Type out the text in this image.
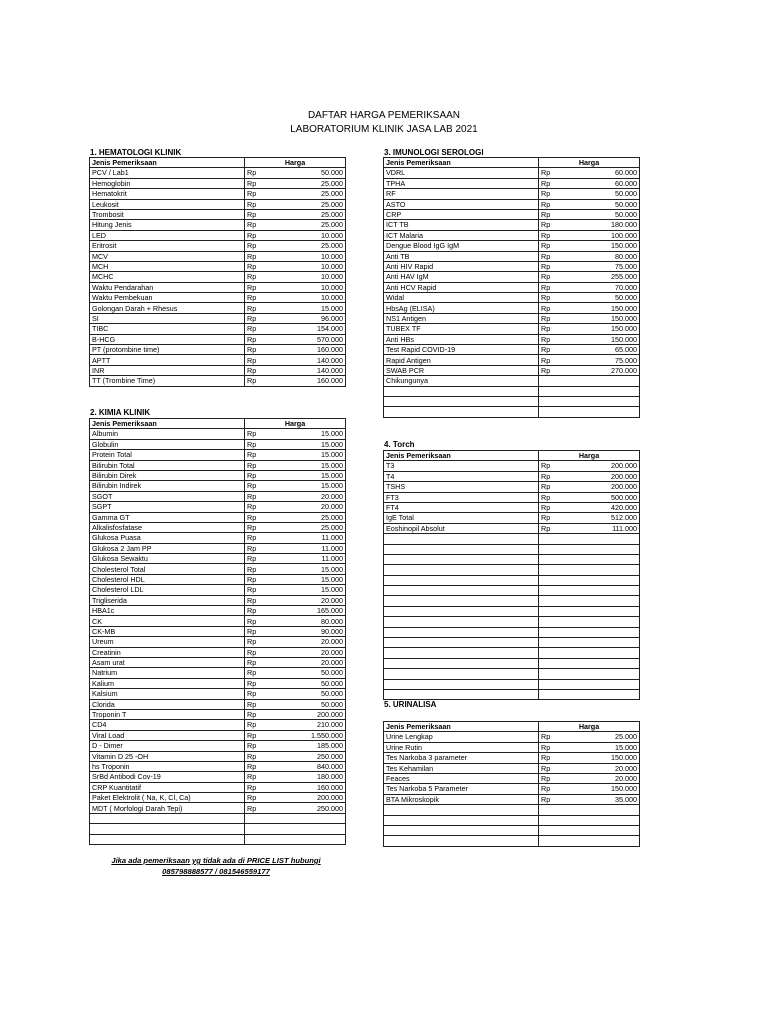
DAFTAR HARGA PEMERIKSAAN
LABORATORIUM KLINIK JASA LAB 2021
1. HEMATOLOGI KLINIK
Jenis Pemeriksaan	Harga	
PCV / Lab1	Rp	50.000
Hemoglobin	Rp	25.000
Hematokrit	Rp	25.000
Leukosit	Rp	25.000
Trombosit	Rp	25.000
Hitung Jenis	Rp	25.000
LED	Rp	10.000
Eritrosit	Rp	25.000
MCV	Rp	10.000
MCH	Rp	10.000
MCHC	Rp	10.000
Waktu Pendarahan	Rp	10.000
Waktu Pembekuan	Rp	10.000
Golongan Darah + Rhesus	Rp	15.000
SI	Rp	96.000
TIBC	Rp	154.000
B-HCG	Rp	570.000
PT (protombine time)	Rp	160.000
APTT	Rp	140.000
INR	Rp	140.000
TT (Trombine Time)	Rp	160.000
2. KIMIA KLINIK
Jenis Pemeriksaan	Harga	
Albumin	Rp	15.000
Globulin	Rp	15.000
Protein Total	Rp	15.000
Bilirubin Total	Rp	15.000
Bilirubin Direk	Rp	15.000
Bilirubin Indirek	Rp	15.000
SGOT	Rp	20.000
SGPT	Rp	20.000
Gamma GT	Rp	25.000
Alkalisfosfatase	Rp	25.000
Glukosa Puasa	Rp	11.000
Glukosa 2 Jam PP	Rp	11.000
Glukosa Sewaktu	Rp	11.000
Cholesterol Total	Rp	15.000
Cholesterol HDL	Rp	15.000
Cholesterol LDL	Rp	15.000
Trigliserida	Rp	20.000
HBA1c	Rp	165.000
CK	Rp	80.000
CK-MB	Rp	90.000
Ureum	Rp	20.000
Creatinin	Rp	20.000
Asam urat	Rp	20.000
Natrium	Rp	50.000
Kalium	Rp	50.000
Kalsium	Rp	50.000
Clorida	Rp	50.000
Troponin T	Rp	200.000
CD4	Rp	210.000
Viral Load	Rp	1.550.000
D - Dimer	Rp	185.000
Vitamin D 25 -OH	Rp	250.000
hs Troponin	Rp	840.000
SrBd Antibodi Cov-19	Rp	180.000
CRP Kuantitatif	Rp	160.000
Paket Elektrolit ( Na, K, Cl, Ca)	Rp	200.000
MDT ( Morfologi Darah Tepi)	Rp	250.000

3. IMUNOLOGI SEROLOGI
Jenis Pemeriksaan	Harga	
VDRL	Rp	60.000
TPHA	Rp	60.000
RF	Rp	50.000
ASTO	Rp	50.000
CRP	Rp	50.000
ICT TB	Rp	180.000
ICT Malaria	Rp	100.000
Dengue Blood IgG IgM	Rp	150.000
Anti TB	Rp	80.000
Anti HIV Rapid	Rp	75.000
Anti HAV IgM	Rp	255.000
Anti HCV Rapid	Rp	70.000
Widal	Rp	50.000
HbsAg (ELISA)	Rp	150.000
NS1 Antigen	Rp	150.000
TUBEX TF	Rp	150.000
Anti HBs	Rp	150.000
Test Rapid COVID-19	Rp	65.000
Rapid Antigen	Rp	75.000
SWAB PCR	Rp	270.000
Chikungunya		

4. Torch
Jenis Pemeriksaan	Harga	
T3	Rp	200.000
T4	Rp	200.000
TSHS	Rp	200.000
FT3	Rp	500.000
FT4	Rp	420.000
IgE Total	Rp	512.000
Eoshinopil Absolut	Rp	111.000

5. URINALISA
Jenis Pemeriksaan	Harga	
Urine Lengkap	Rp	25.000
Urine Rutin	Rp	15.000
Tes Narkoba 3 parameter	Rp	150.000
Tes Kehamilan	Rp	20.000
Feaces	Rp	20.000
Tes Narkoba 5 Parameter	Rp	150.000
BTA Mikroskopik	Rp	35.000

Jika ada pemeriksaan yg tidak ada di PRICE LIST hubungi
085798888577 / 081546559177
